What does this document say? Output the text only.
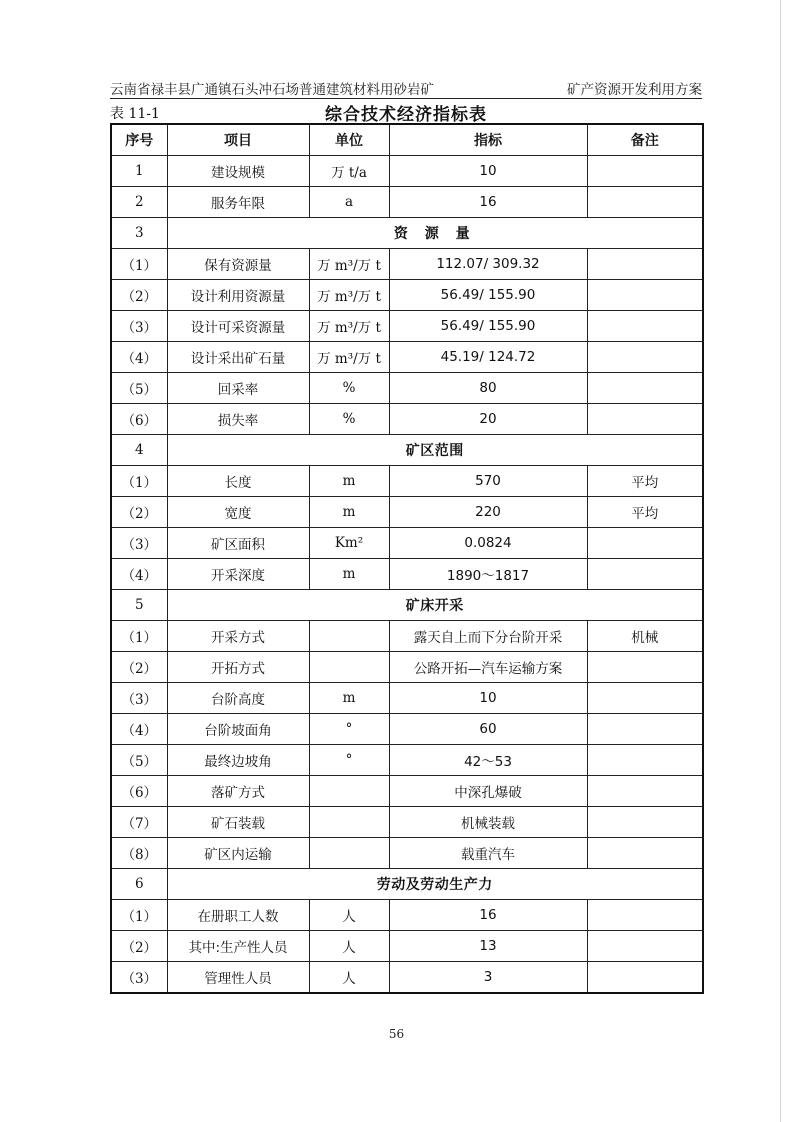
云南省禄丰县广通镇石头冲石场普通建筑材料用砂岩矿	矿产资源开发利用方案
表 11-1	综合技术经济指标表
序号	项目	单位	指标	备注
1	建设规模	万 t/a	10	
2	服务年限	a	16	
3	资 源 量			
（1）	保有资源量	万 m³/万 t	112.07/ 309.32	
（2）	设计利用资源量	万 m³/万 t	56.49/ 155.90	
（3）	设计可采资源量	万 m³/万 t	56.49/ 155.90	
（4）	设计采出矿石量	万 m³/万 t	45.19/ 124.72	
（5）	回采率	%	80	
（6）	损失率	%	20	
4	矿区范围			
（1）	长度	m	570	平均
（2）	宽度	m	220	平均
（3）	矿区面积	Km²	0.0824	
（4）	开采深度	m	1890～1817	
5	矿床开采			
（1）	开采方式		露天自上而下分台阶开采	机械
（2）	开拓方式		公路开拓—汽车运输方案	
（3）	台阶高度	m	10	
（4）	台阶坡面角	°	60	
（5）	最终边坡角	°	42～53	
（6）	落矿方式		中深孔爆破	
（7）	矿石装载		机械装载	
（8）	矿区内运输		载重汽车	
6	劳动及劳动生产力			
（1）	在册职工人数	人	16	
（2）	其中:生产性人员	人	13	
（3）	管理性人员	人	3	
56
